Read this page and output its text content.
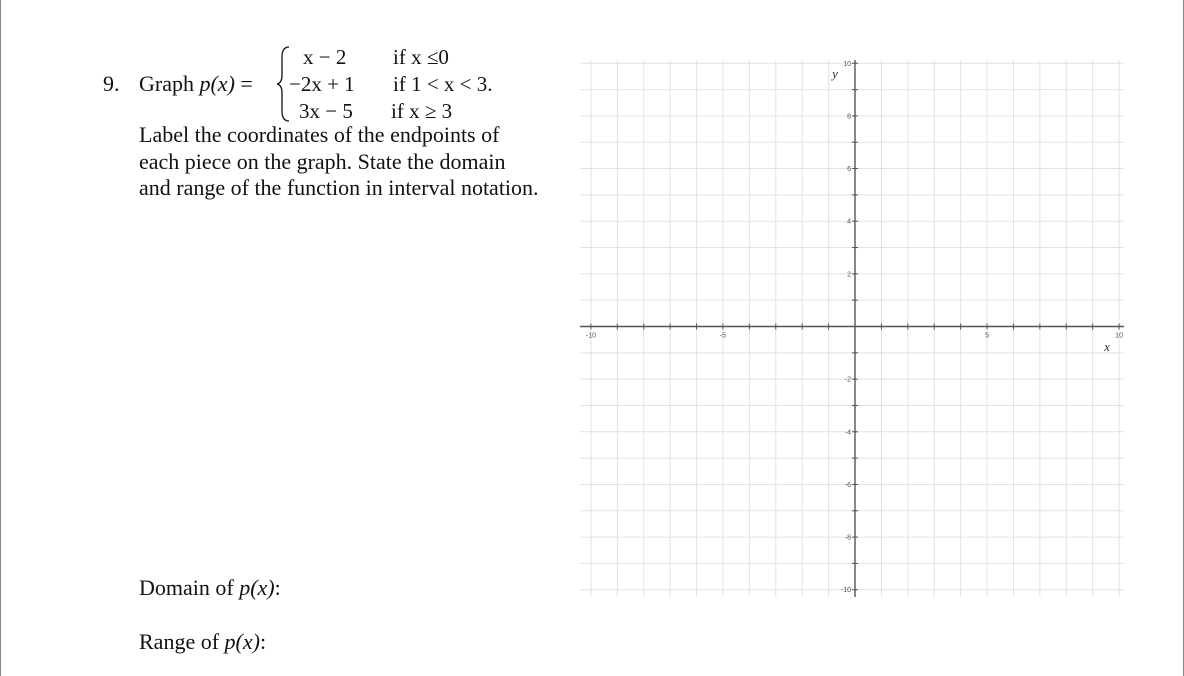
9. Graph p(x) =
x − 2 if x ≤0
−2x + 1 if 1 < x < 3.
3x − 5 if x ≥ 3
Label the coordinates of the endpoints of each piece on the graph. State the domain and range of the function in interval notation.
Domain of p(x):
Range of p(x):
-10	-5	5	10
10
8
6
4
2
-2
-4
-6
-8
-10
x
y
